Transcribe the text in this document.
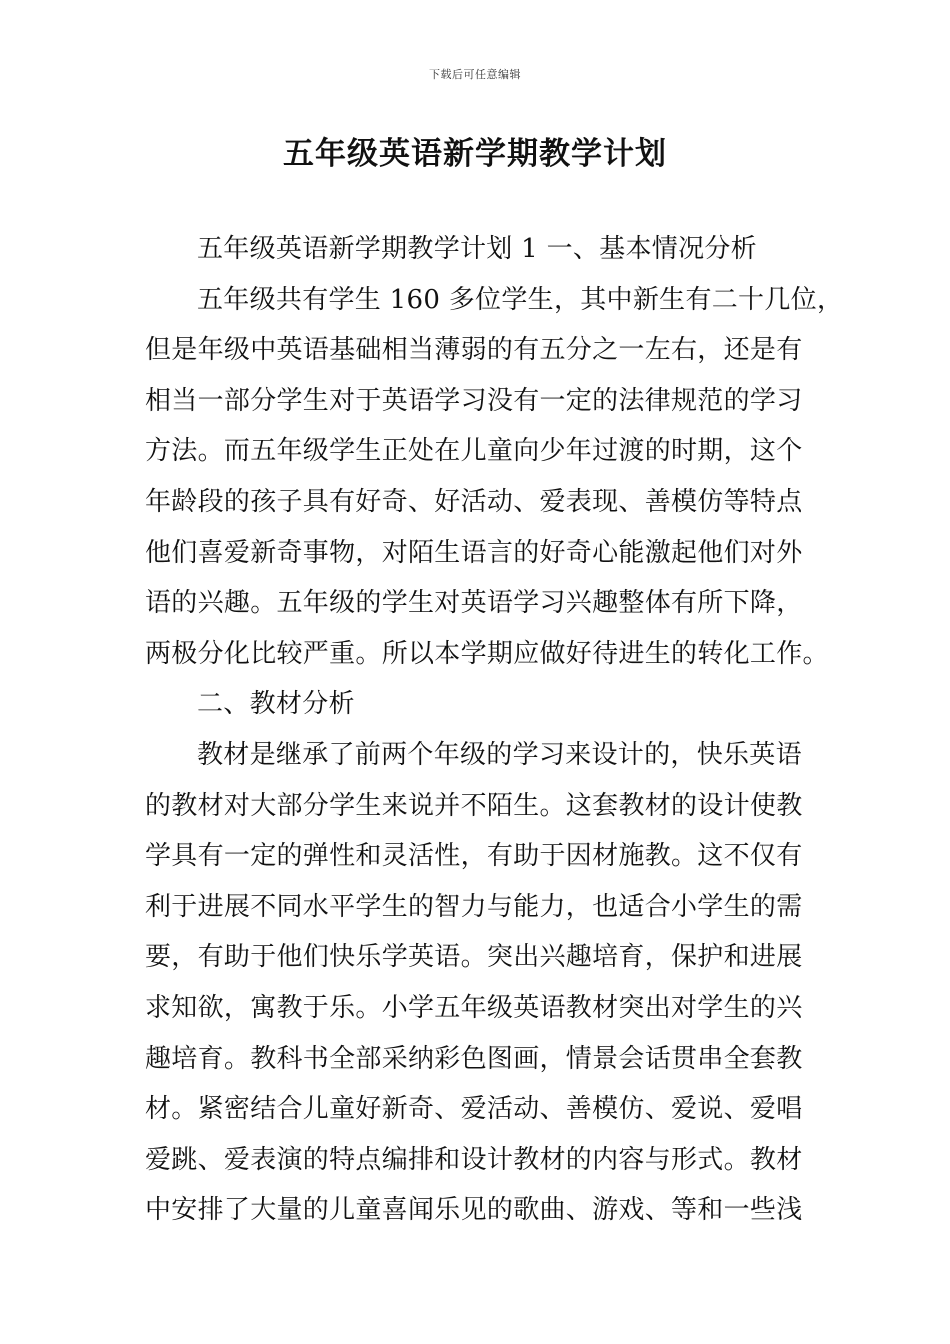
下载后可任意编辑
五年级英语新学期教学计划
五年级英语新学期教学计划 1 一、基本情况分析
五年级共有学生 160 多位学生，其中新生有二十几位，
但是年级中英语基础相当薄弱的有五分之一左右，还是有
相当一部分学生对于英语学习没有一定的法律规范的学习
方法。而五年级学生正处在儿童向少年过渡的时期，这个
年龄段的孩子具有好奇、好活动、爱表现、善模仿等特点
他们喜爱新奇事物，对陌生语言的好奇心能激起他们对外
语的兴趣。五年级的学生对英语学习兴趣整体有所下降，
两极分化比较严重。所以本学期应做好待进生的转化工作。
二、教材分析
教材是继承了前两个年级的学习来设计的，快乐英语
的教材对大部分学生来说并不陌生。这套教材的设计使教
学具有一定的弹性和灵活性，有助于因材施教。这不仅有
利于进展不同水平学生的智力与能力，也适合小学生的需
要，有助于他们快乐学英语。突出兴趣培育，保护和进展
求知欲，寓教于乐。小学五年级英语教材突出对学生的兴
趣培育。教科书全部采纳彩色图画，情景会话贯串全套教
材。紧密结合儿童好新奇、爱活动、善模仿、爱说、爱唱
爱跳、爱表演的特点编排和设计教材的内容与形式。教材
中安排了大量的儿童喜闻乐见的歌曲、游戏、等和一些浅
